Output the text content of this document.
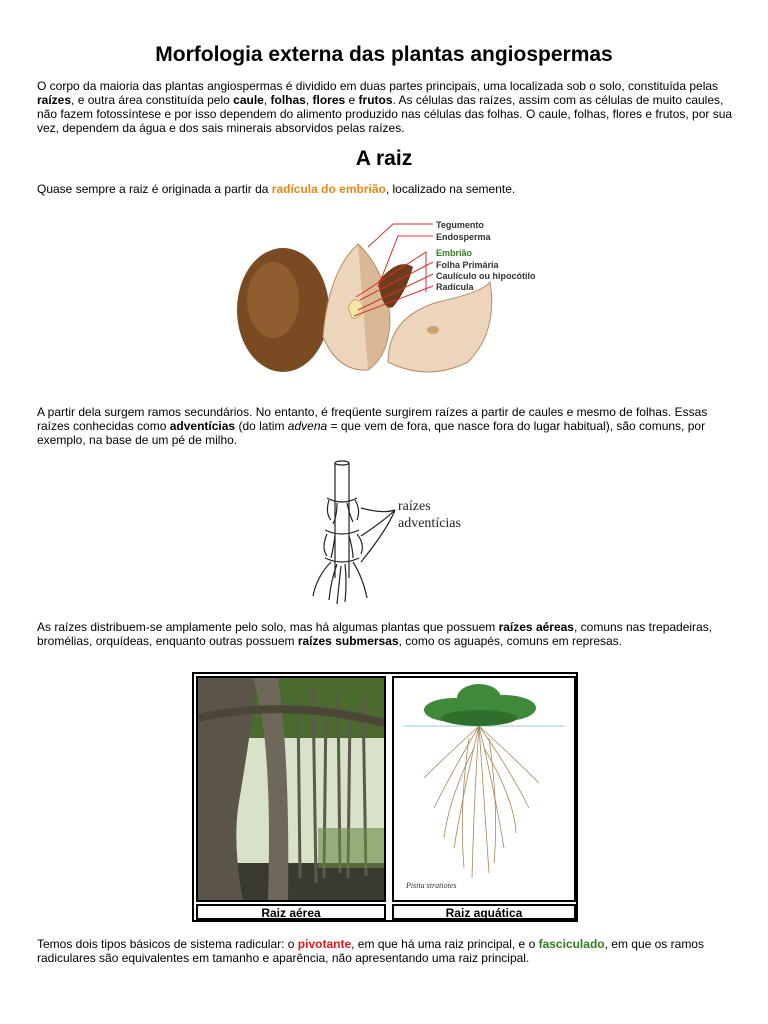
Morfologia externa das plantas angiospermas

O corpo da maioria das plantas angiospermas é dividido em duas partes principais, uma localizada sob o solo, constituída pelas raízes, e outra área constituída pelo caule, folhas, flores e frutos. As células das raízes, assim com as células de muito caules, não fazem fotossíntese e por isso dependem do alimento produzido nas células das folhas. O caule, folhas, flores e frutos, por sua vez, dependem da água e dos sais minerais absorvidos pelas raízes.

A raiz

Quase sempre a raiz é originada a partir da radícula do embrião, localizado na semente.

Tegumento
Endosperma
Embrião
Folha Primária
Caulículo ou hipocótilo
Radícula

A partir dela surgem ramos secundários. No entanto, é freqüente surgirem raízes a partir de caules e mesmo de folhas. Essas raízes conhecidas como adventícias (do latim advena = que vem de fora, que nasce fora do lugar habitual), são comuns, por exemplo, na base de um pé de milho.

raízes
adventícias

As raízes distribuem-se amplamente pelo solo, mas há algumas plantas que possuem raízes aéreas, comuns nas trepadeiras, bromélias, orquídeas, enquanto outras possuem raízes submersas, como os aguapés, comuns em represas.

Pistia stratiotes
Raiz aérea	Raiz aquática

Temos dois tipos básicos de sistema radicular: o pivotante, em que há uma raiz principal, e o fasciculado, em que os ramos radiculares são equivalentes em tamanho e aparência, não apresentando uma raiz principal.
